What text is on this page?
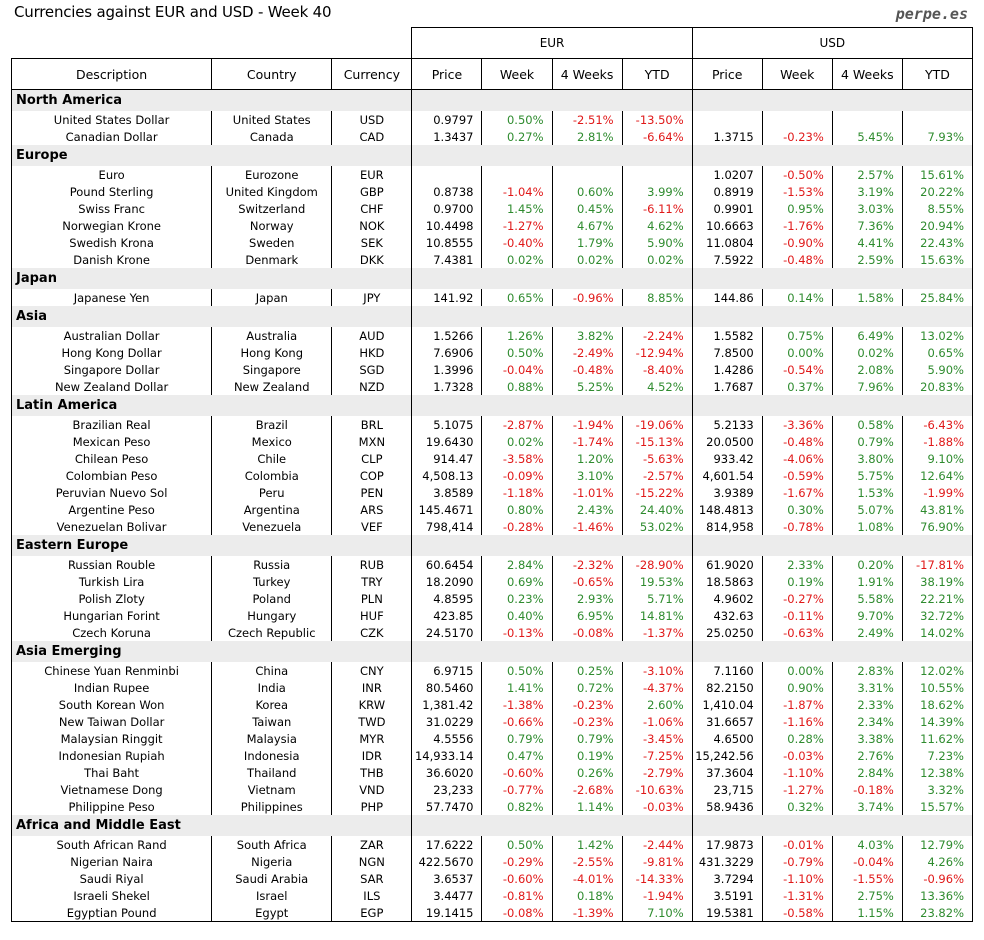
Currencies against EUR and USD - Week 40	perpe.es
			EUR				USD			
Description	Country	Currency	Price	Week	4 Weeks	YTD	Price	Week	4 Weeks	YTD
North America										
United States Dollar	United States	USD	0.9797	0.50%	-2.51%	-13.50%				
Canadian Dollar	Canada	CAD	1.3437	0.27%	2.81%	-6.64%	1.3715	-0.23%	5.45%	7.93%
Europe										
Euro	Eurozone	EUR					1.0207	-0.50%	2.57%	15.61%
Pound Sterling	United Kingdom	GBP	0.8738	-1.04%	0.60%	3.99%	0.8919	-1.53%	3.19%	20.22%
Swiss Franc	Switzerland	CHF	0.9700	1.45%	0.45%	-6.11%	0.9901	0.95%	3.03%	8.55%
Norwegian Krone	Norway	NOK	10.4498	-1.27%	4.67%	4.62%	10.6663	-1.76%	7.36%	20.94%
Swedish Krona	Sweden	SEK	10.8555	-0.40%	1.79%	5.90%	11.0804	-0.90%	4.41%	22.43%
Danish Krone	Denmark	DKK	7.4381	0.02%	0.02%	0.02%	7.5922	-0.48%	2.59%	15.63%
Japan										
Japanese Yen	Japan	JPY	141.92	0.65%	-0.96%	8.85%	144.86	0.14%	1.58%	25.84%
Asia										
Australian Dollar	Australia	AUD	1.5266	1.26%	3.82%	-2.24%	1.5582	0.75%	6.49%	13.02%
Hong Kong Dollar	Hong Kong	HKD	7.6906	0.50%	-2.49%	-12.94%	7.8500	0.00%	0.02%	0.65%
Singapore Dollar	Singapore	SGD	1.3996	-0.04%	-0.48%	-8.40%	1.4286	-0.54%	2.08%	5.90%
New Zealand Dollar	New Zealand	NZD	1.7328	0.88%	5.25%	4.52%	1.7687	0.37%	7.96%	20.83%
Latin America										
Brazilian Real	Brazil	BRL	5.1075	-2.87%	-1.94%	-19.06%	5.2133	-3.36%	0.58%	-6.43%
Mexican Peso	Mexico	MXN	19.6430	0.02%	-1.74%	-15.13%	20.0500	-0.48%	0.79%	-1.88%
Chilean Peso	Chile	CLP	914.47	-3.58%	1.20%	-5.63%	933.42	-4.06%	3.80%	9.10%
Colombian Peso	Colombia	COP	4,508.13	-0.09%	3.10%	-2.57%	4,601.54	-0.59%	5.75%	12.64%
Peruvian Nuevo Sol	Peru	PEN	3.8589	-1.18%	-1.01%	-15.22%	3.9389	-1.67%	1.53%	-1.99%
Argentine Peso	Argentina	ARS	145.4671	0.80%	2.43%	24.40%	148.4813	0.30%	5.07%	43.81%
Venezuelan Bolivar	Venezuela	VEF	798,414	-0.28%	-1.46%	53.02%	814,958	-0.78%	1.08%	76.90%
Eastern Europe										
Russian Rouble	Russia	RUB	60.6454	2.84%	-2.32%	-28.90%	61.9020	2.33%	0.20%	-17.81%
Turkish Lira	Turkey	TRY	18.2090	0.69%	-0.65%	19.53%	18.5863	0.19%	1.91%	38.19%
Polish Zloty	Poland	PLN	4.8595	0.23%	2.93%	5.71%	4.9602	-0.27%	5.58%	22.21%
Hungarian Forint	Hungary	HUF	423.85	0.40%	6.95%	14.81%	432.63	-0.11%	9.70%	32.72%
Czech Koruna	Czech Republic	CZK	24.5170	-0.13%	-0.08%	-1.37%	25.0250	-0.63%	2.49%	14.02%
Asia Emerging										
Chinese Yuan Renminbi	China	CNY	6.9715	0.50%	0.25%	-3.10%	7.1160	0.00%	2.83%	12.02%
Indian Rupee	India	INR	80.5460	1.41%	0.72%	-4.37%	82.2150	0.90%	3.31%	10.55%
South Korean Won	Korea	KRW	1,381.42	-1.38%	-0.23%	2.60%	1,410.04	-1.87%	2.33%	18.62%
New Taiwan Dollar	Taiwan	TWD	31.0229	-0.66%	-0.23%	-1.06%	31.6657	-1.16%	2.34%	14.39%
Malaysian Ringgit	Malaysia	MYR	4.5556	0.79%	0.79%	-3.45%	4.6500	0.28%	3.38%	11.62%
Indonesian Rupiah	Indonesia	IDR	14,933.14	0.47%	0.19%	-7.25%	15,242.56	-0.03%	2.76%	7.23%
Thai Baht	Thailand	THB	36.6020	-0.60%	0.26%	-2.79%	37.3604	-1.10%	2.84%	12.38%
Vietnamese Dong	Vietnam	VND	23,233	-0.77%	-2.68%	-10.63%	23,715	-1.27%	-0.18%	3.32%
Philippine Peso	Philippines	PHP	57.7470	0.82%	1.14%	-0.03%	58.9436	0.32%	3.74%	15.57%
Africa and Middle East										
South African Rand	South Africa	ZAR	17.6222	0.50%	1.42%	-2.44%	17.9873	-0.01%	4.03%	12.79%
Nigerian Naira	Nigeria	NGN	422.5670	-0.29%	-2.55%	-9.81%	431.3229	-0.79%	-0.04%	4.26%
Saudi Riyal	Saudi Arabia	SAR	3.6537	-0.60%	-4.01%	-14.33%	3.7294	-1.10%	-1.55%	-0.96%
Israeli Shekel	Israel	ILS	3.4477	-0.81%	0.18%	-1.94%	3.5191	-1.31%	2.75%	13.36%
Egyptian Pound	Egypt	EGP	19.1415	-0.08%	-1.39%	7.10%	19.5381	-0.58%	1.15%	23.82%
